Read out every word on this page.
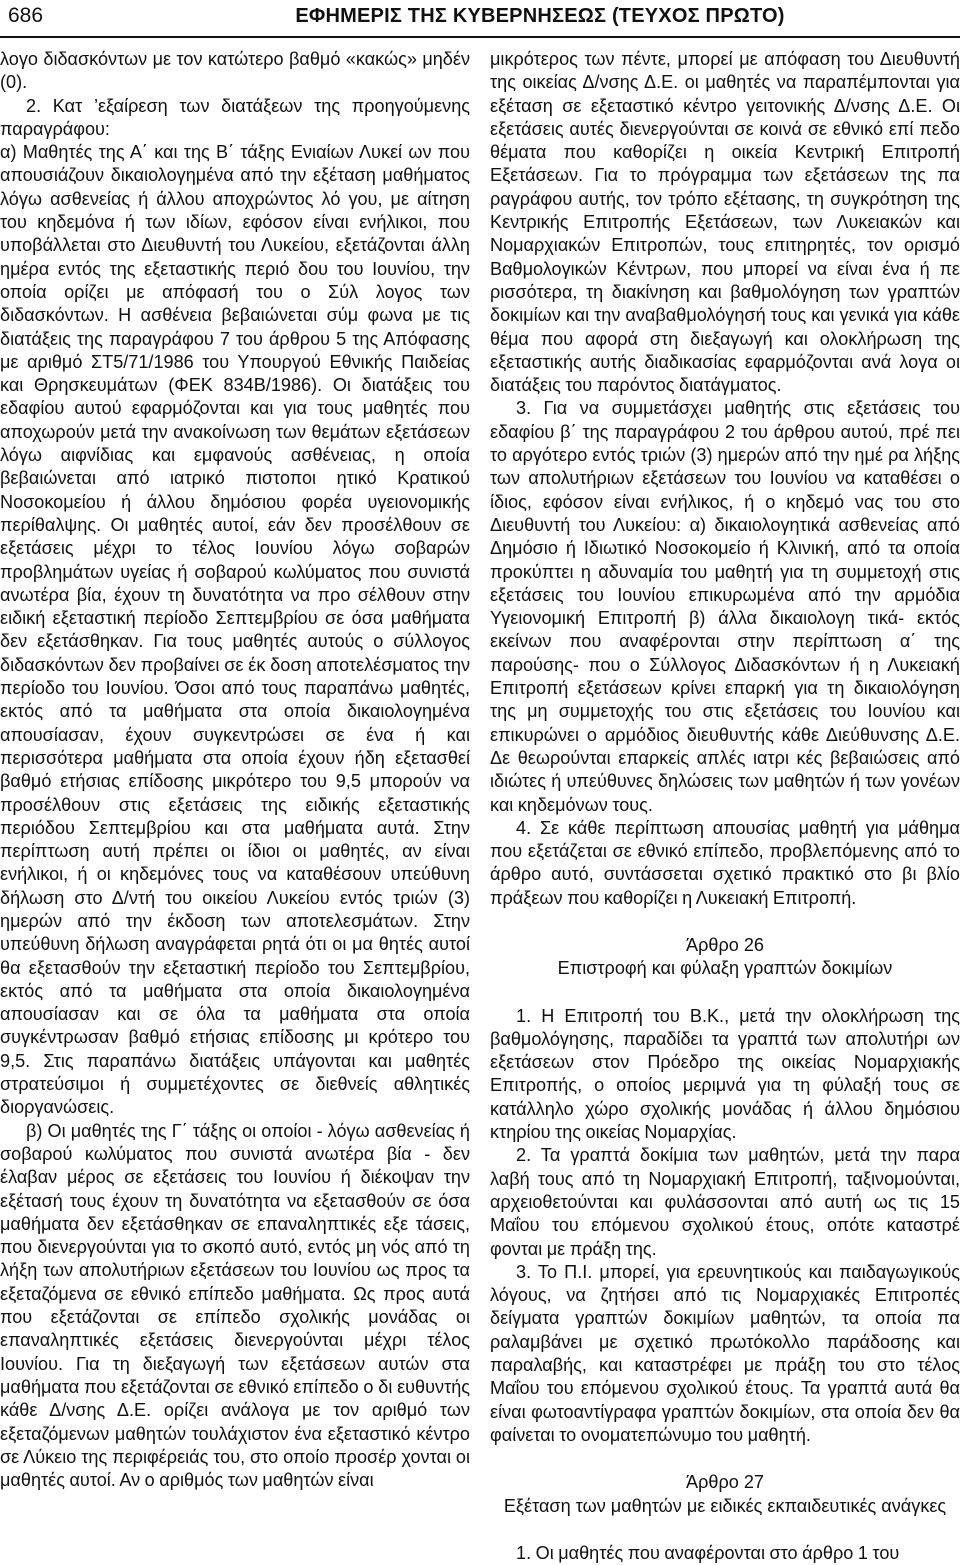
686	ΕΦΗΜΕΡΙΣ ΤΗΣ ΚΥΒΕΡΝΗΣΕΩΣ (ΤΕΥΧΟΣ ΠΡΩΤΟ)

λογο διδασκόντων με τον κατώτερο βαθμό «κακώς» μηδέν (0).

2. Κατ ’εξαίρεση των διατάξεων της προηγούμενης παραγράφου:

α) Μαθητές της Α΄ και της Β΄ τάξης Ενιαίων Λυκεί ων που απουσιάζουν δικαιολογημένα από την εξέταση μαθήματος λόγω ασθενείας ή άλλου αποχρώντος λό γου, με αίτηση του κηδεμόνα ή των ιδίων, εφόσον είναι ενήλικοι, που υποβάλλεται στο Διευθυντή του Λυκείου, εξετάζονται άλλη ημέρα εντός της εξεταστικής περιό δου του Ιουνίου, την οποία ορίζει με απόφασή του ο Σύλ λογος των διδασκόντων. Η ασθένεια βεβαιώνεται σύμ φωνα με τις διατάξεις της παραγράφου 7 του άρθρου 5 της Απόφασης με αριθμό ΣΤ5/71/1986 του Υπουργού Εθνικής Παιδείας και Θρησκευμάτων (ΦΕΚ 834Β/1986). Οι διατάξεις του εδαφίου αυτού εφαρμόζονται και για τους μαθητές που αποχωρούν μετά την ανακοίνωση των θεμάτων εξετάσεων λόγω αιφνίδιας και εμφανούς ασθένειας, η οποία βεβαιώνεται από ιατρικό πιστοποι ητικό Κρατικού Νοσοκομείου ή άλλου δημόσιου φορέα υγειονομικής περίθαλψης. Οι μαθητές αυτοί, εάν δεν προσέλθουν σε εξετάσεις μέχρι το τέλος Ιουνίου λόγω σοβαρών προβλημάτων υγείας ή σοβαρού κωλύματος που συνιστά ανωτέρα βία, έχουν τη δυνατότητα να προ σέλθουν στην ειδική εξεταστική περίοδο Σεπτεμβρίου σε όσα μαθήματα δεν εξετάσθηκαν. Για τους μαθητές αυτούς ο σύλλογος διδασκόντων δεν προβαίνει σε έκ δοση αποτελέσματος την περίοδο του Ιουνίου. Όσοι από τους παραπάνω μαθητές, εκτός από τα μαθήματα στα οποία δικαιολογημένα απουσίασαν, έχουν συγκεντρώσει σε ένα ή και περισσότερα μαθήματα στα οποία έχουν ήδη εξετασθεί βαθμό ετήσιας επίδοσης μικρότερο του 9,5 μπορούν να προσέλθουν στις εξετάσεις της ειδικής εξεταστικής περιόδου Σεπτεμβρίου και στα μαθήματα αυτά. Στην περίπτωση αυτή πρέπει οι ίδιοι οι μαθητές, αν είναι ενήλικοι, ή οι κηδεμόνες τους να καταθέσουν υπεύθυνη δήλωση στο Δ/ντή του οικείου Λυκείου εντός τριών (3) ημερών από την έκδοση των αποτελεσμάτων. Στην υπεύθυνη δήλωση αναγράφεται ρητά ότι οι μα θητές αυτοί θα εξετασθούν την εξεταστική περίοδο του Σεπτεμβρίου, εκτός από τα μαθήματα στα οποία δικαιολογημένα απουσίασαν και σε όλα τα μαθήματα στα οποία συγκέντρωσαν βαθμό ετήσιας επίδοσης μι κρότερο του 9,5. Στις παραπάνω διατάξεις υπάγονται και μαθητές στρατεύσιμοι ή συμμετέχοντες σε διεθνείς αθλητικές διοργανώσεις.

β) Οι μαθητές της Γ΄ τάξης οι οποίοι - λόγω ασθενείας ή σοβαρού κωλύματος που συνιστά ανωτέρα βία - δεν έλαβαν μέρος σε εξετάσεις του Ιουνίου ή διέκοψαν την εξέτασή τους έχουν τη δυνατότητα να εξετασθούν σε όσα μαθήματα δεν εξετάσθηκαν σε επαναληπτικές εξε τάσεις, που διενεργούνται για το σκοπό αυτό, εντός μη νός από τη λήξη των απολυτήριων εξετάσεων του Ιουνίου ως προς τα εξεταζόμενα σε εθνικό επίπεδο μαθήματα. Ως προς αυτά που εξετάζονται σε επίπεδο σχολικής μονάδας οι επαναληπτικές εξετάσεις διενεργούνται μέχρι τέλος Ιουνίου. Για τη διεξαγωγή των εξετάσεων αυτών στα μαθήματα που εξετάζονται σε εθνικό επίπεδο ο δι ευθυντής κάθε Δ/νσης Δ.Ε. ορίζει ανάλογα με τον αριθμό των εξεταζόμενων μαθητών τουλάχιστον ένα εξεταστικό κέντρο σε Λύκειο της περιφέρειάς του, στο οποίο προσέρ χονται οι μαθητές αυτοί. Αν ο αριθμός των μαθητών είναι

μικρότερος των πέντε, μπορεί με απόφαση του Διευθυντή της οικείας Δ/νσης Δ.Ε. οι μαθητές να παραπέμπονται για εξέταση σε εξεταστικό κέντρο γειτονικής Δ/νσης Δ.Ε. Οι εξετάσεις αυτές διενεργούνται σε κοινά σε εθνικό επί πεδο θέματα που καθορίζει η οικεία Κεντρική Επιτροπή Εξετάσεων. Για το πρόγραμμα των εξετάσεων της πα ραγράφου αυτής, τον τρόπο εξέτασης, τη συγκρότηση της Κεντρικής Επιτροπής Εξετάσεων, των Λυκειακών και Νομαρχιακών Επιτροπών, τους επιτηρητές, τον ορισμό Βαθμολογικών Κέντρων, που μπορεί να είναι ένα ή πε ρισσότερα, τη διακίνηση και βαθμολόγηση των γραπτών δοκιμίων και την αναβαθμολόγησή τους και γενικά για κάθε θέμα που αφορά στη διεξαγωγή και ολοκλήρωση της εξεταστικής αυτής διαδικασίας εφαρμόζονται ανά λογα οι διατάξεις του παρόντος διατάγματος.

3. Για να συμμετάσχει μαθητής στις εξετάσεις του εδαφίου β΄ της παραγράφου 2 του άρθρου αυτού, πρέ πει το αργότερο εντός τριών (3) ημερών από την ημέ ρα λήξης των απολυτήριων εξετάσεων του Ιουνίου να καταθέσει ο ίδιος, εφόσον είναι ενήλικος, ή ο κηδεμό νας του στο Διευθυντή του Λυκείου: α) δικαιολογητικά ασθενείας από Δημόσιο ή Ιδιωτικό Νοσοκομείο ή Κλινική, από τα οποία προκύπτει η αδυναμία του μαθητή για τη συμμετοχή στις εξετάσεις του Ιουνίου επικυρωμένα από την αρμόδια Υγειονομική Επιτροπή β) άλλα δικαιολογη τικά- εκτός εκείνων που αναφέρονται στην περίπτωση α΄ της παρούσης- που ο Σύλλογος Διδασκόντων ή η Λυκειακή Επιτροπή εξετάσεων κρίνει επαρκή για τη δικαιολόγηση της μη συμμετοχής του στις εξετάσεις του Ιουνίου και επικυρώνει ο αρμόδιος διευθυντής κάθε Διεύθυνσης Δ.Ε. Δε θεωρούνται επαρκείς απλές ιατρι κές βεβαιώσεις από ιδιώτες ή υπεύθυνες δηλώσεις των μαθητών ή των γονέων και κηδεμόνων τους.

4. Σε κάθε περίπτωση απουσίας μαθητή για μάθημα που εξετάζεται σε εθνικό επίπεδο, προβλεπόμενης από το άρθρο αυτό, συντάσσεται σχετικό πρακτικό στο βι βλίο πράξεων που καθορίζει η Λυκειακή Επιτροπή.

Άρθρο 26

Επιστροφή και φύλαξη γραπτών δοκιμίων

1. Η Επιτροπή του Β.Κ., μετά την ολοκλήρωση της βαθμολόγησης, παραδίδει τα γραπτά των απολυτήρι ων εξετάσεων στον Πρόεδρο της οικείας Νομαρχιακής Επιτροπής, ο οποίος μεριμνά για τη φύλαξή τους σε κατάλληλο χώρο σχολικής μονάδας ή άλλου δημόσιου κτηρίου της οικείας Νομαρχίας.

2. Τα γραπτά δοκίμια των μαθητών, μετά την παρα λαβή τους από τη Νομαρχιακή Επιτροπή, ταξινομούνται, αρχειοθετούνται και φυλάσσονται από αυτή ως τις 15 Μαΐου του επόμενου σχολικού έτους, οπότε καταστρέ φονται με πράξη της.

3. Το Π.Ι. μπορεί, για ερευνητικούς και παιδαγωγικούς λόγους, να ζητήσει από τις Νομαρχιακές Επιτροπές δείγματα γραπτών δοκιμίων μαθητών, τα οποία πα ραλαμβάνει με σχετικό πρωτόκολλο παράδοσης και παραλαβής, και καταστρέφει με πράξη του στο τέλος Μαΐου του επόμενου σχολικού έτους. Τα γραπτά αυτά θα είναι φωτοαντίγραφα γραπτών δοκιμίων, στα οποία δεν θα φαίνεται το ονοματεπώνυμο του μαθητή.

Άρθρο 27

Εξέταση των μαθητών με ειδικές εκπαιδευτικές ανάγκες

1. Οι μαθητές που αναφέρονται στο άρθρο 1 του
